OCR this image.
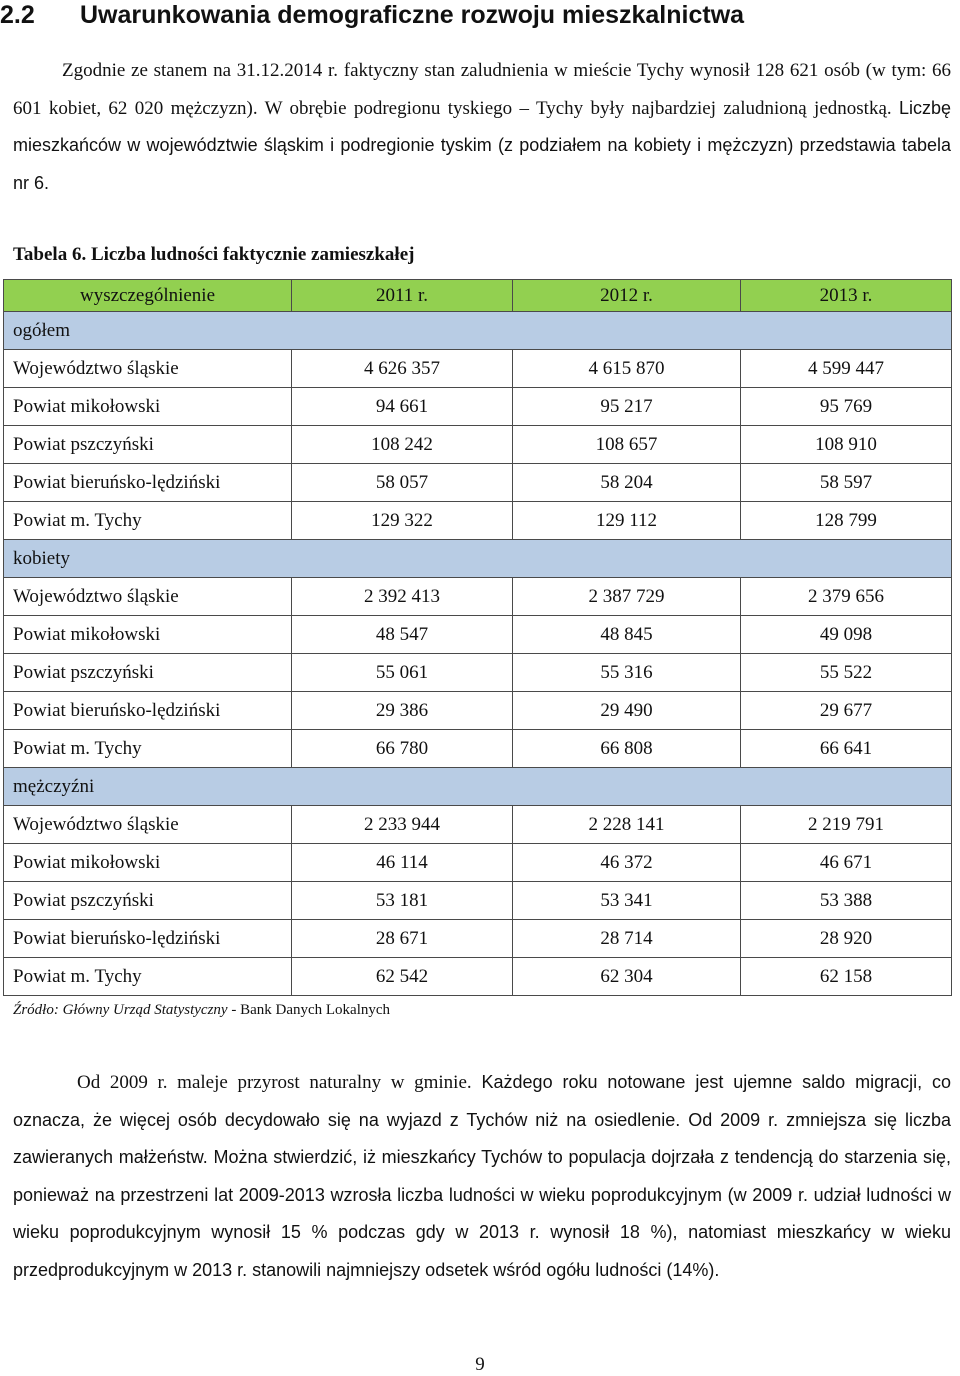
2.2 Uwarunkowania demograficzne rozwoju mieszkalnictwa

Zgodnie ze stanem na 31.12.2014 r. faktyczny stan zaludnienia w mieście Tychy wynosił 128 621 osób (w tym: 66 601 kobiet, 62 020 mężczyzn). W obrębie podregionu tyskiego – Tychy były najbardziej zaludnioną jednostką. Liczbę mieszkańców w województwie śląskim i podregionie tyskim (z podziałem na kobiety i mężczyzn) przedstawia tabela nr 6.

Tabela 6. Liczba ludności faktycznie zamieszkałej
wyszczególnienie	2011 r.	2012 r.	2013 r.
ogółem			
Województwo śląskie	4 626 357	4 615 870	4 599 447
Powiat mikołowski	94 661	95 217	95 769
Powiat pszczyński	108 242	108 657	108 910
Powiat bieruńsko-lędziński	58 057	58 204	58 597
Powiat m. Tychy	129 322	129 112	128 799
kobiety			
Województwo śląskie	2 392 413	2 387 729	2 379 656
Powiat mikołowski	48 547	48 845	49 098
Powiat pszczyński	55 061	55 316	55 522
Powiat bieruńsko-lędziński	29 386	29 490	29 677
Powiat m. Tychy	66 780	66 808	66 641
mężczyźni			
Województwo śląskie	2 233 944	2 228 141	2 219 791
Powiat mikołowski	46 114	46 372	46 671
Powiat pszczyński	53 181	53 341	53 388
Powiat bieruńsko-lędziński	28 671	28 714	28 920
Powiat m. Tychy	62 542	62 304	62 158
Źródło: Główny Urząd Statystyczny - Bank Danych Lokalnych

Od 2009 r. maleje przyrost naturalny w gminie. Każdego roku notowane jest ujemne saldo migracji, co oznacza, że więcej osób decydowało się na wyjazd z Tychów niż na osiedlenie. Od 2009 r. zmniejsza się liczba zawieranych małżeństw. Można stwierdzić, iż mieszkańcy Tychów to populacja dojrzała z tendencją do starzenia się, ponieważ na przestrzeni lat 2009-2013 wzrosła liczba ludności w wieku poprodukcyjnym (w 2009 r. udział ludności w wieku poprodukcyjnym wynosił 15 % podczas gdy w 2013 r. wynosił 18 %), natomiast mieszkańcy w wieku przedprodukcyjnym w 2013 r. stanowili najmniejszy odsetek wśród ogółu ludności (14%).

9
